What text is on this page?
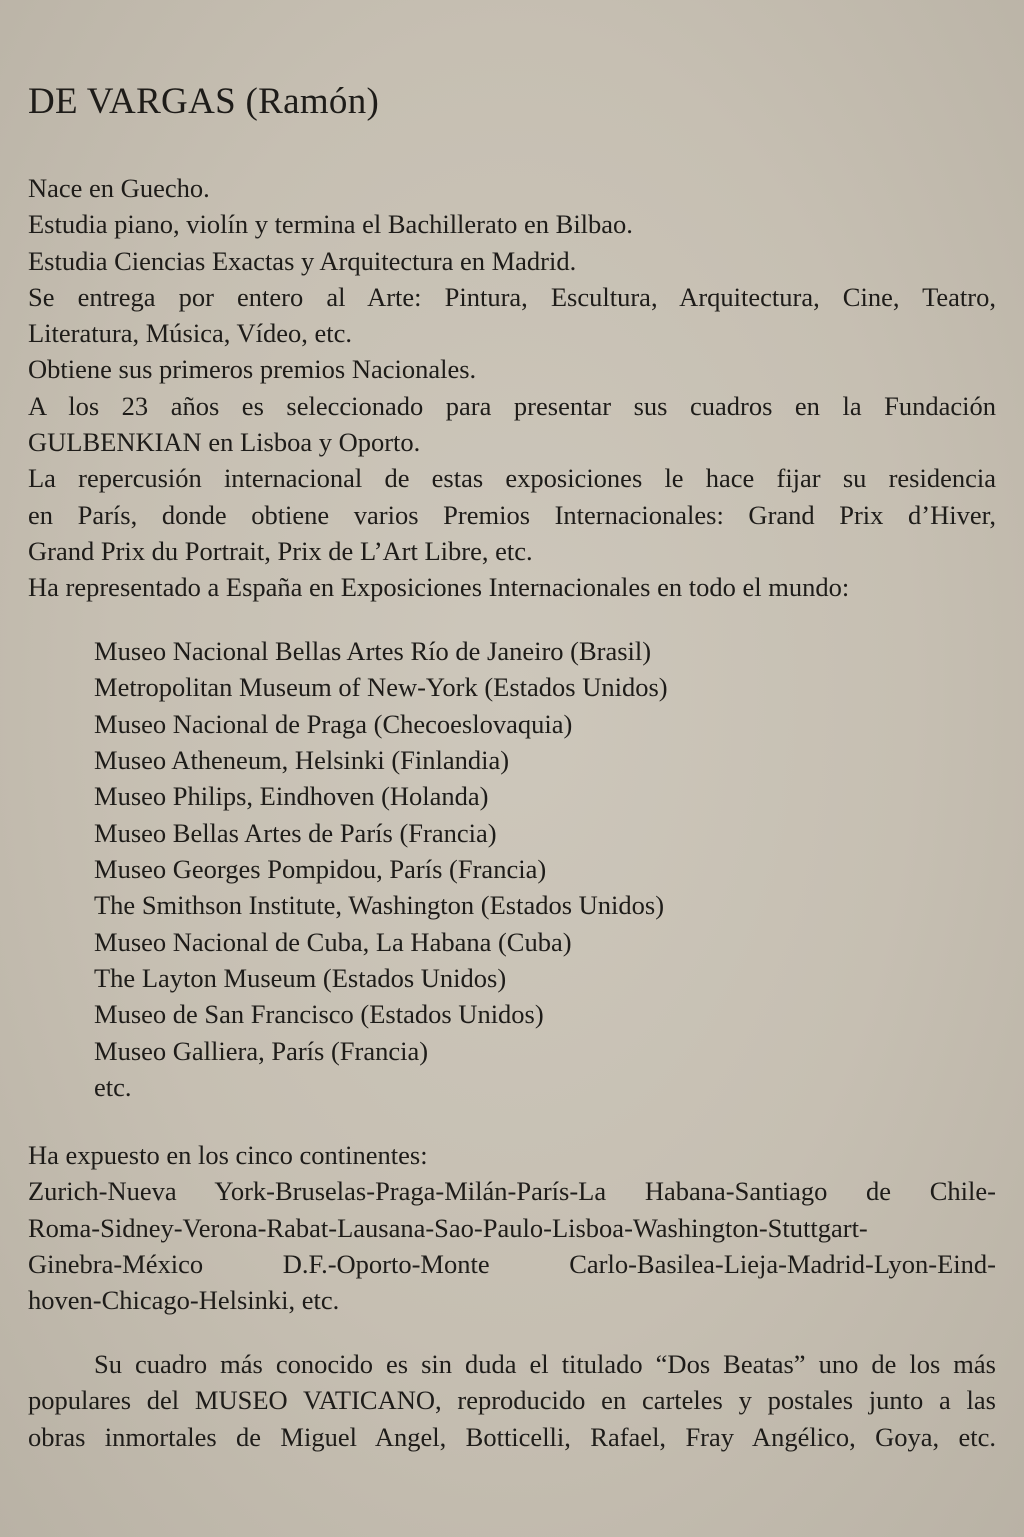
DE VARGAS (Ramón)
Nace en Guecho.
Estudia piano, violín y termina el Bachillerato en Bilbao.
Estudia Ciencias Exactas y Arquitectura en Madrid.
Se entrega por entero al Arte: Pintura, Escultura, Arquitectura, Cine, Teatro,
Literatura, Música, Vídeo, etc.
Obtiene sus primeros premios Nacionales.
A los 23 años es seleccionado para presentar sus cuadros en la Fundación
GULBENKIAN en Lisboa y Oporto.
La repercusión internacional de estas exposiciones le hace fijar su residencia
en París, donde obtiene varios Premios Internacionales: Grand Prix d’Hiver,
Grand Prix du Portrait, Prix de L’Art Libre, etc.
Ha representado a España en Exposiciones Internacionales en todo el mundo:
Museo Nacional Bellas Artes Río de Janeiro (Brasil)
Metropolitan Museum of New-York (Estados Unidos)
Museo Nacional de Praga (Checoeslovaquia)
Museo Atheneum, Helsinki (Finlandia)
Museo Philips, Eindhoven (Holanda)
Museo Bellas Artes de París (Francia)
Museo Georges Pompidou, París (Francia)
The Smithson Institute, Washington (Estados Unidos)
Museo Nacional de Cuba, La Habana (Cuba)
The Layton Museum (Estados Unidos)
Museo de San Francisco (Estados Unidos)
Museo Galliera, París (Francia)
etc.
Ha expuesto en los cinco continentes:
Zurich-Nueva York-Bruselas-Praga-Milán-París-La Habana-Santiago de Chile-
Roma-Sidney-Verona-Rabat-Lausana-Sao-Paulo-Lisboa-Washington-Stuttgart-
Ginebra-México D.F.-Oporto-Monte Carlo-Basilea-Lieja-Madrid-Lyon-Eind-
hoven-Chicago-Helsinki, etc.
Su cuadro más conocido es sin duda el titulado “Dos Beatas” uno de los más
populares del MUSEO VATICANO, reproducido en carteles y postales junto a las
obras inmortales de Miguel Angel, Botticelli, Rafael, Fray Angélico, Goya, etc.
